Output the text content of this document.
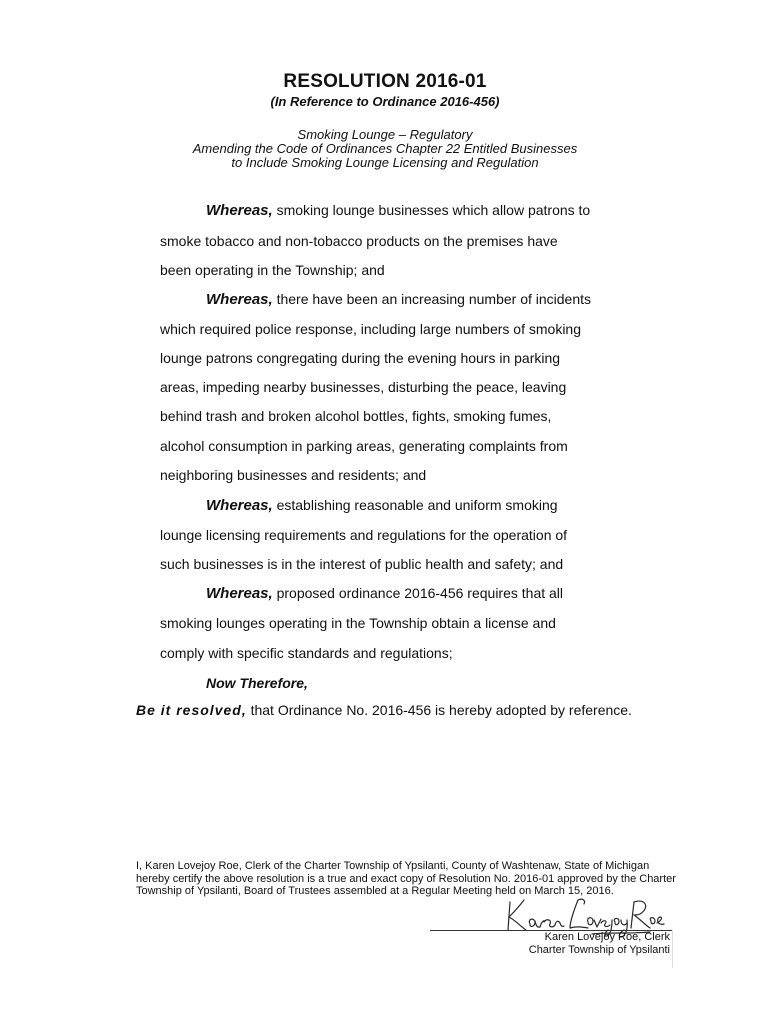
RESOLUTION 2016-01
(In Reference to Ordinance 2016-456)
Smoking Lounge – Regulatory
Amending the Code of Ordinances Chapter 22 Entitled Businesses
to Include Smoking Lounge Licensing and Regulation
Whereas, smoking lounge businesses which allow patrons to
smoke tobacco and non-tobacco products on the premises have
been operating in the Township; and
Whereas, there have been an increasing number of incidents
which required police response, including large numbers of smoking
lounge patrons congregating during the evening hours in parking
areas, impeding nearby businesses, disturbing the peace, leaving
behind trash and broken alcohol bottles, fights, smoking fumes,
alcohol consumption in parking areas, generating complaints from
neighboring businesses and residents; and
Whereas, establishing reasonable and uniform smoking
lounge licensing requirements and regulations for the operation of
such businesses is in the interest of public health and safety; and
Whereas, proposed ordinance 2016-456 requires that all
smoking lounges operating in the Township obtain a license and
comply with specific standards and regulations;
Now Therefore,
Be it resolved, that Ordinance No. 2016-456 is hereby adopted by reference.
I, Karen Lovejoy Roe, Clerk of the Charter Township of Ypsilanti, County of Washtenaw, State of Michigan hereby certify the above resolution is a true and exact copy of Resolution No. 2016-01 approved by the Charter Township of Ypsilanti, Board of Trustees assembled at a Regular Meeting held on March 15, 2016.
Karen Lovejoy Roe, Clerk
Charter Township of Ypsilanti
